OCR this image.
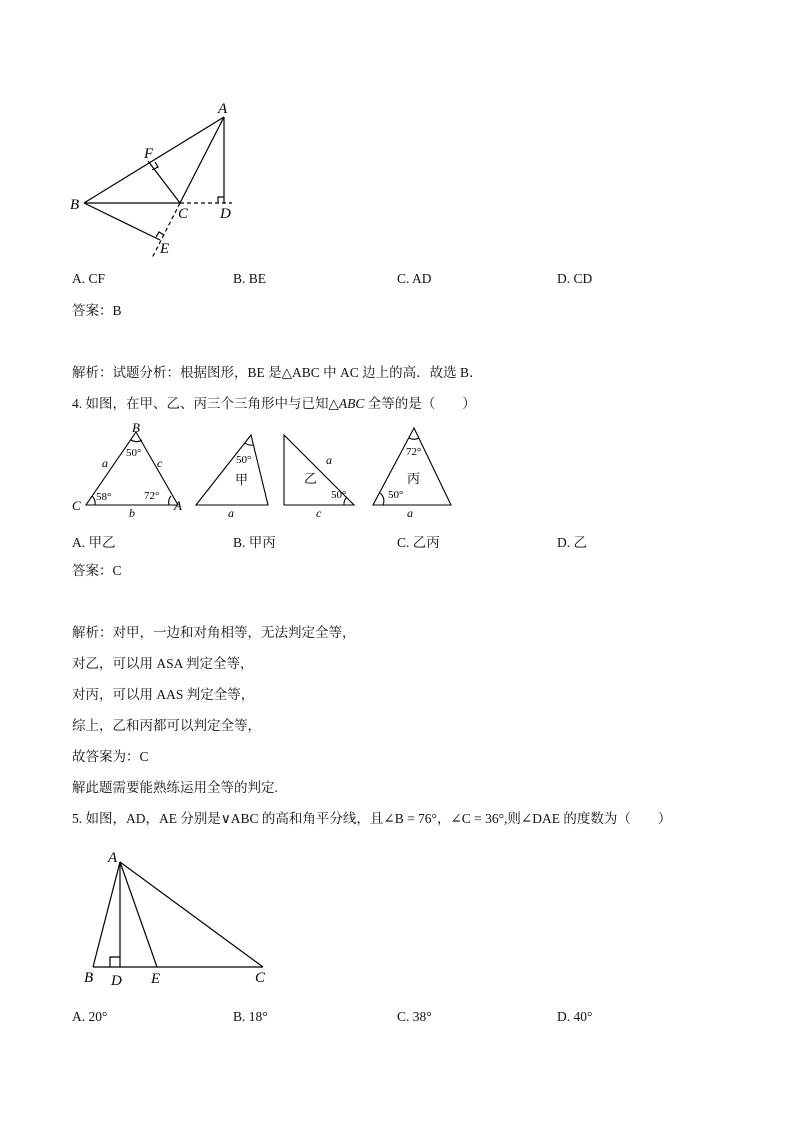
A
B
C D
E
F
A. CF	B. BE	C. AD	D. CD
答案：B
解析：试题分析：根据图形，BE 是△ABC 中 AC 边上的高．故选 B．
4. 如图，在甲、乙、丙三个三角形中与已知△ABC 全等的是（　　）
B
C	A
a	c
b
50°
58°	72°
50°
甲
a
a
乙
50°
c
72°
丙
50°
a
A. 甲乙	B. 甲丙	C. 乙丙	D. 乙
答案：C
解析：对甲，一边和对角相等，无法判定全等，
对乙，可以用 ASA 判定全等，
对丙，可以用 AAS 判定全等，
综上，乙和丙都可以判定全等，
故答案为：C
解此题需要能熟练运用全等的判定.
5. 如图，AD，AE 分别是∨ABC 的高和角平分线，且∠B = 76°，∠C = 36°,则∠DAE 的度数为（　　）
A
B D E	C
A. 20°	B. 18°	C. 38°	D. 40°
